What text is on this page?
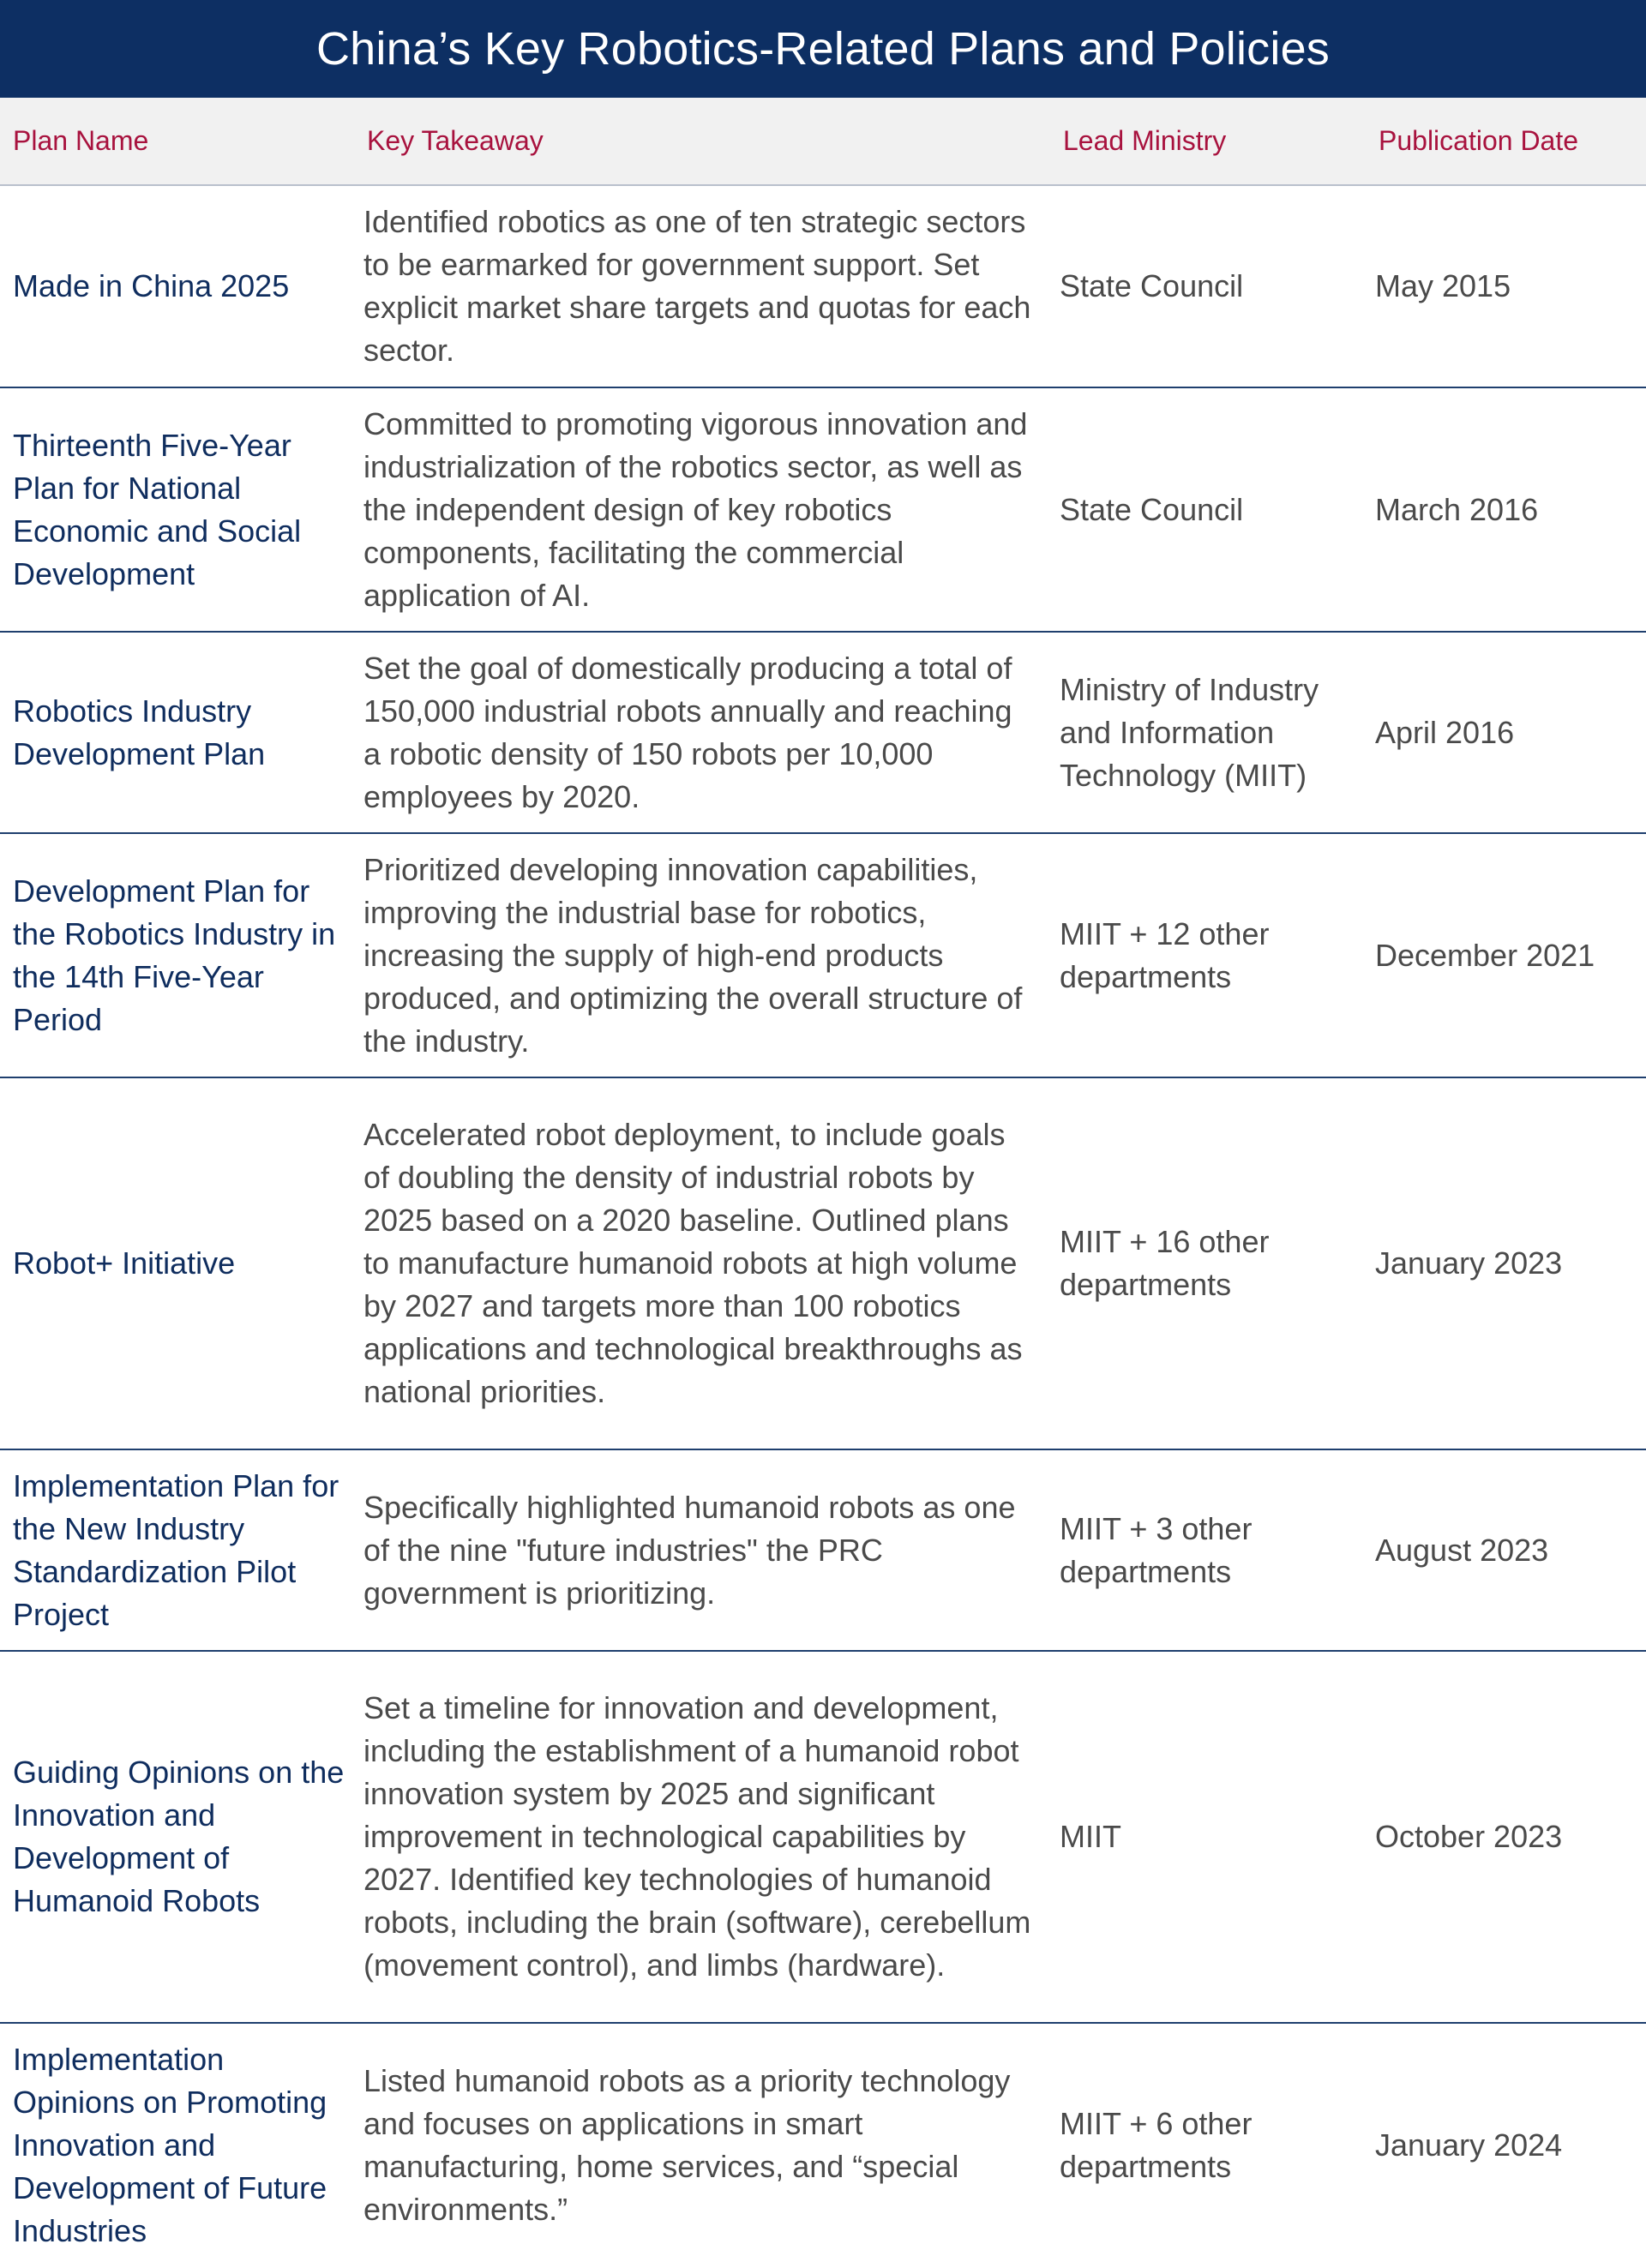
China’s Key Robotics-Related Plans and Policies
Plan Name	Key Takeaway	Lead Ministry	Publication Date
Made in China 2025	Identified robotics as one of ten strategic sectors to be earmarked for government support. Set explicit market share targets and quotas for each sector.	State Council	May 2015
Thirteenth Five-Year Plan for National Economic and Social Development	Committed to promoting vigorous innovation and industrialization of the robotics sector, as well as the independent design of key robotics components, facilitating the commercial application of AI.	State Council	March 2016
Robotics Industry Development Plan	Set the goal of domestically producing a total of 150,000 industrial robots annually and reaching a robotic density of 150 robots per 10,000 employees by 2020.	Ministry of Industry and Information Technology (MIIT)	April 2016
Development Plan for the Robotics Industry in the 14th Five-Year Period	Prioritized developing innovation capabilities, improving the industrial base for robotics, increasing the supply of high-end products produced, and optimizing the overall structure of the industry.	MIIT + 12 other departments	December 2021
Robot+ Initiative	Accelerated robot deployment, to include goals of doubling the density of industrial robots by 2025 based on a 2020 baseline. Outlined plans to manufacture humanoid robots at high volume by 2027 and targets more than 100 robotics applications and technological breakthroughs as national priorities.	MIIT + 16 other departments	January 2023
Implementation Plan for the New Industry Standardization Pilot Project	Specifically highlighted humanoid robots as one of the nine "future industries" the PRC government is prioritizing.	MIIT + 3 other departments	August 2023
Guiding Opinions on the Innovation and Development of Humanoid Robots	Set a timeline for innovation and development, including the establishment of a humanoid robot innovation system by 2025 and significant improvement in technological capabilities by 2027. Identified key technologies of humanoid robots, including the brain (software), cerebellum (movement control), and limbs (hardware).	MIIT	October 2023
Implementation Opinions on Promoting Innovation and Development of Future Industries	Listed humanoid robots as a priority technology and focuses on applications in smart manufacturing, home services, and “special environments.”	MIIT + 6 other departments	January 2024
